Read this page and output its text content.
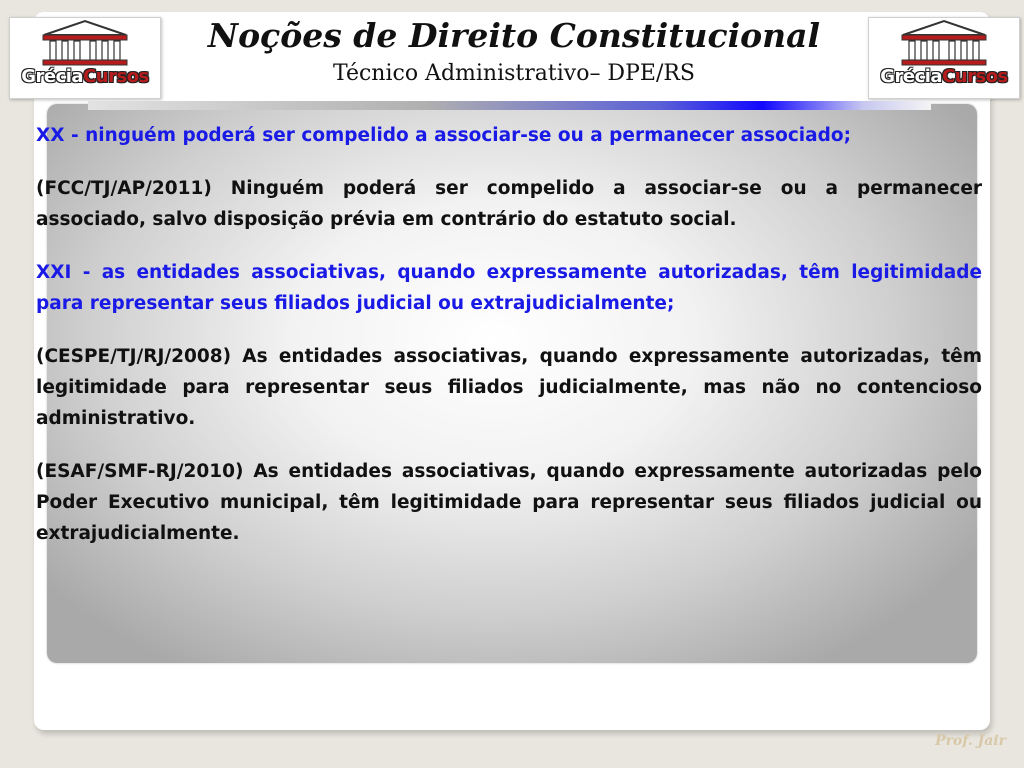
GréciaCursos	GréciaCursos
Noções de Direito Constitucional
Técnico Administrativo– DPE/RS

XX - ninguém poderá ser compelido a associar-se ou a permanecer associado;

(FCC/TJ/AP/2011) Ninguém poderá ser compelido a associar-se ou a permanecer associado, salvo disposição prévia em contrário do estatuto social.

XXI - as entidades associativas, quando expressamente autorizadas, têm legitimidade para representar seus filiados judicial ou extrajudicialmente;

(CESPE/TJ/RJ/2008) As entidades associativas, quando expressamente autorizadas, têm legitimidade para representar seus filiados judicialmente, mas não no contencioso administrativo.

(ESAF/SMF-RJ/2010) As entidades associativas, quando expressamente autorizadas pelo Poder Executivo municipal, têm legitimidade para representar seus filiados judicial ou extrajudicialmente.

Prof. Jair
